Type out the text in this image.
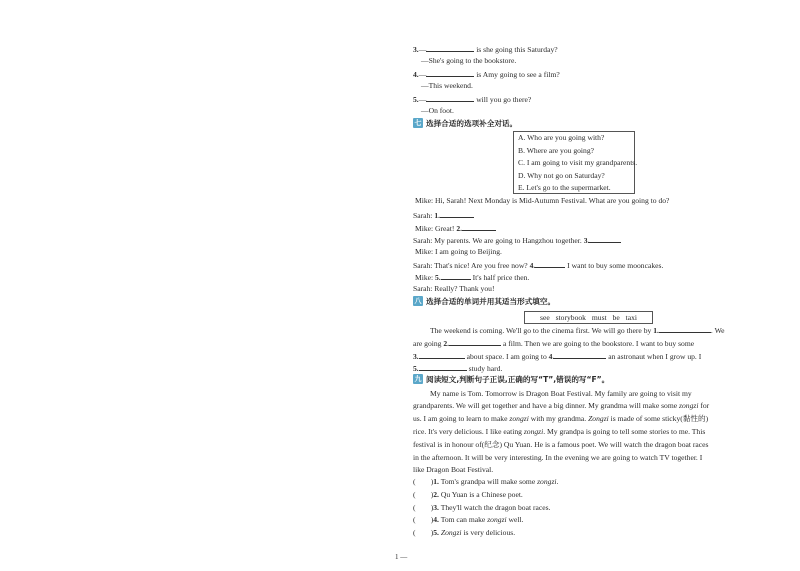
3.—	is she going this Saturday?
—She's going to the bookstore.
4.—	is Amy going to see a film?
—This weekend.
5.—	will you go there?
—On foot.
七 选择合适的选项补全对话。
A. Who are you going with?
B. Where are you going?
C. I am going to visit my grandparents.
D. Why not go on Saturday?
E. Let's go to the supermarket.
Mike: Hi, Sarah! Next Monday is Mid-Autumn Festival. What are you going to do?
Sarah: 1.
Mike: Great! 2.
Sarah: My parents. We are going to Hangzhou together. 3.
Mike: I am going to Beijing.
Sarah: That's nice! Are you free now? 4.	I want to buy some mooncakes.
Mike: 5.	It's half price then.
Sarah: Really? Thank you!
八 选择合适的单词并用其适当形式填空。
see storybook must be taxi
The weekend is coming. We'll go to the cinema first. We will go there by 1.	. We
are going 2.	a film. Then we are going to the bookstore. I want to buy some
3.	about space. I am going to 4.	an astronaut when I grow up. I
5.	study hard.
九 阅读短文,判断句子正误,正确的写“T”,错误的写“F”。
My name is Tom. Tomorrow is Dragon Boat Festival. My family are going to visit my
grandparents. We will get together and have a big dinner. My grandma will make some zongzi for
us. I am going to learn to make zongzi with my grandma. Zongzi is made of some sticky(黏性的)
rice. It's very delicious. I like eating zongzi. My grandpa is going to tell some stories to me. This
festival is in honour of(纪念) Qu Yuan. He is a famous poet. We will watch the dragon boat races
in the afternoon. It will be very interesting. In the evening we are going to watch TV together. I
like Dragon Boat Festival.
(　　)1. Tom's grandpa will make some zongzi.
(　　)2. Qu Yuan is a Chinese poet.
(　　)3. They'll watch the dragon boat races.
(　　)4. Tom can make zongzi well.
(　　)5. Zongzi is very delicious.
1 —
